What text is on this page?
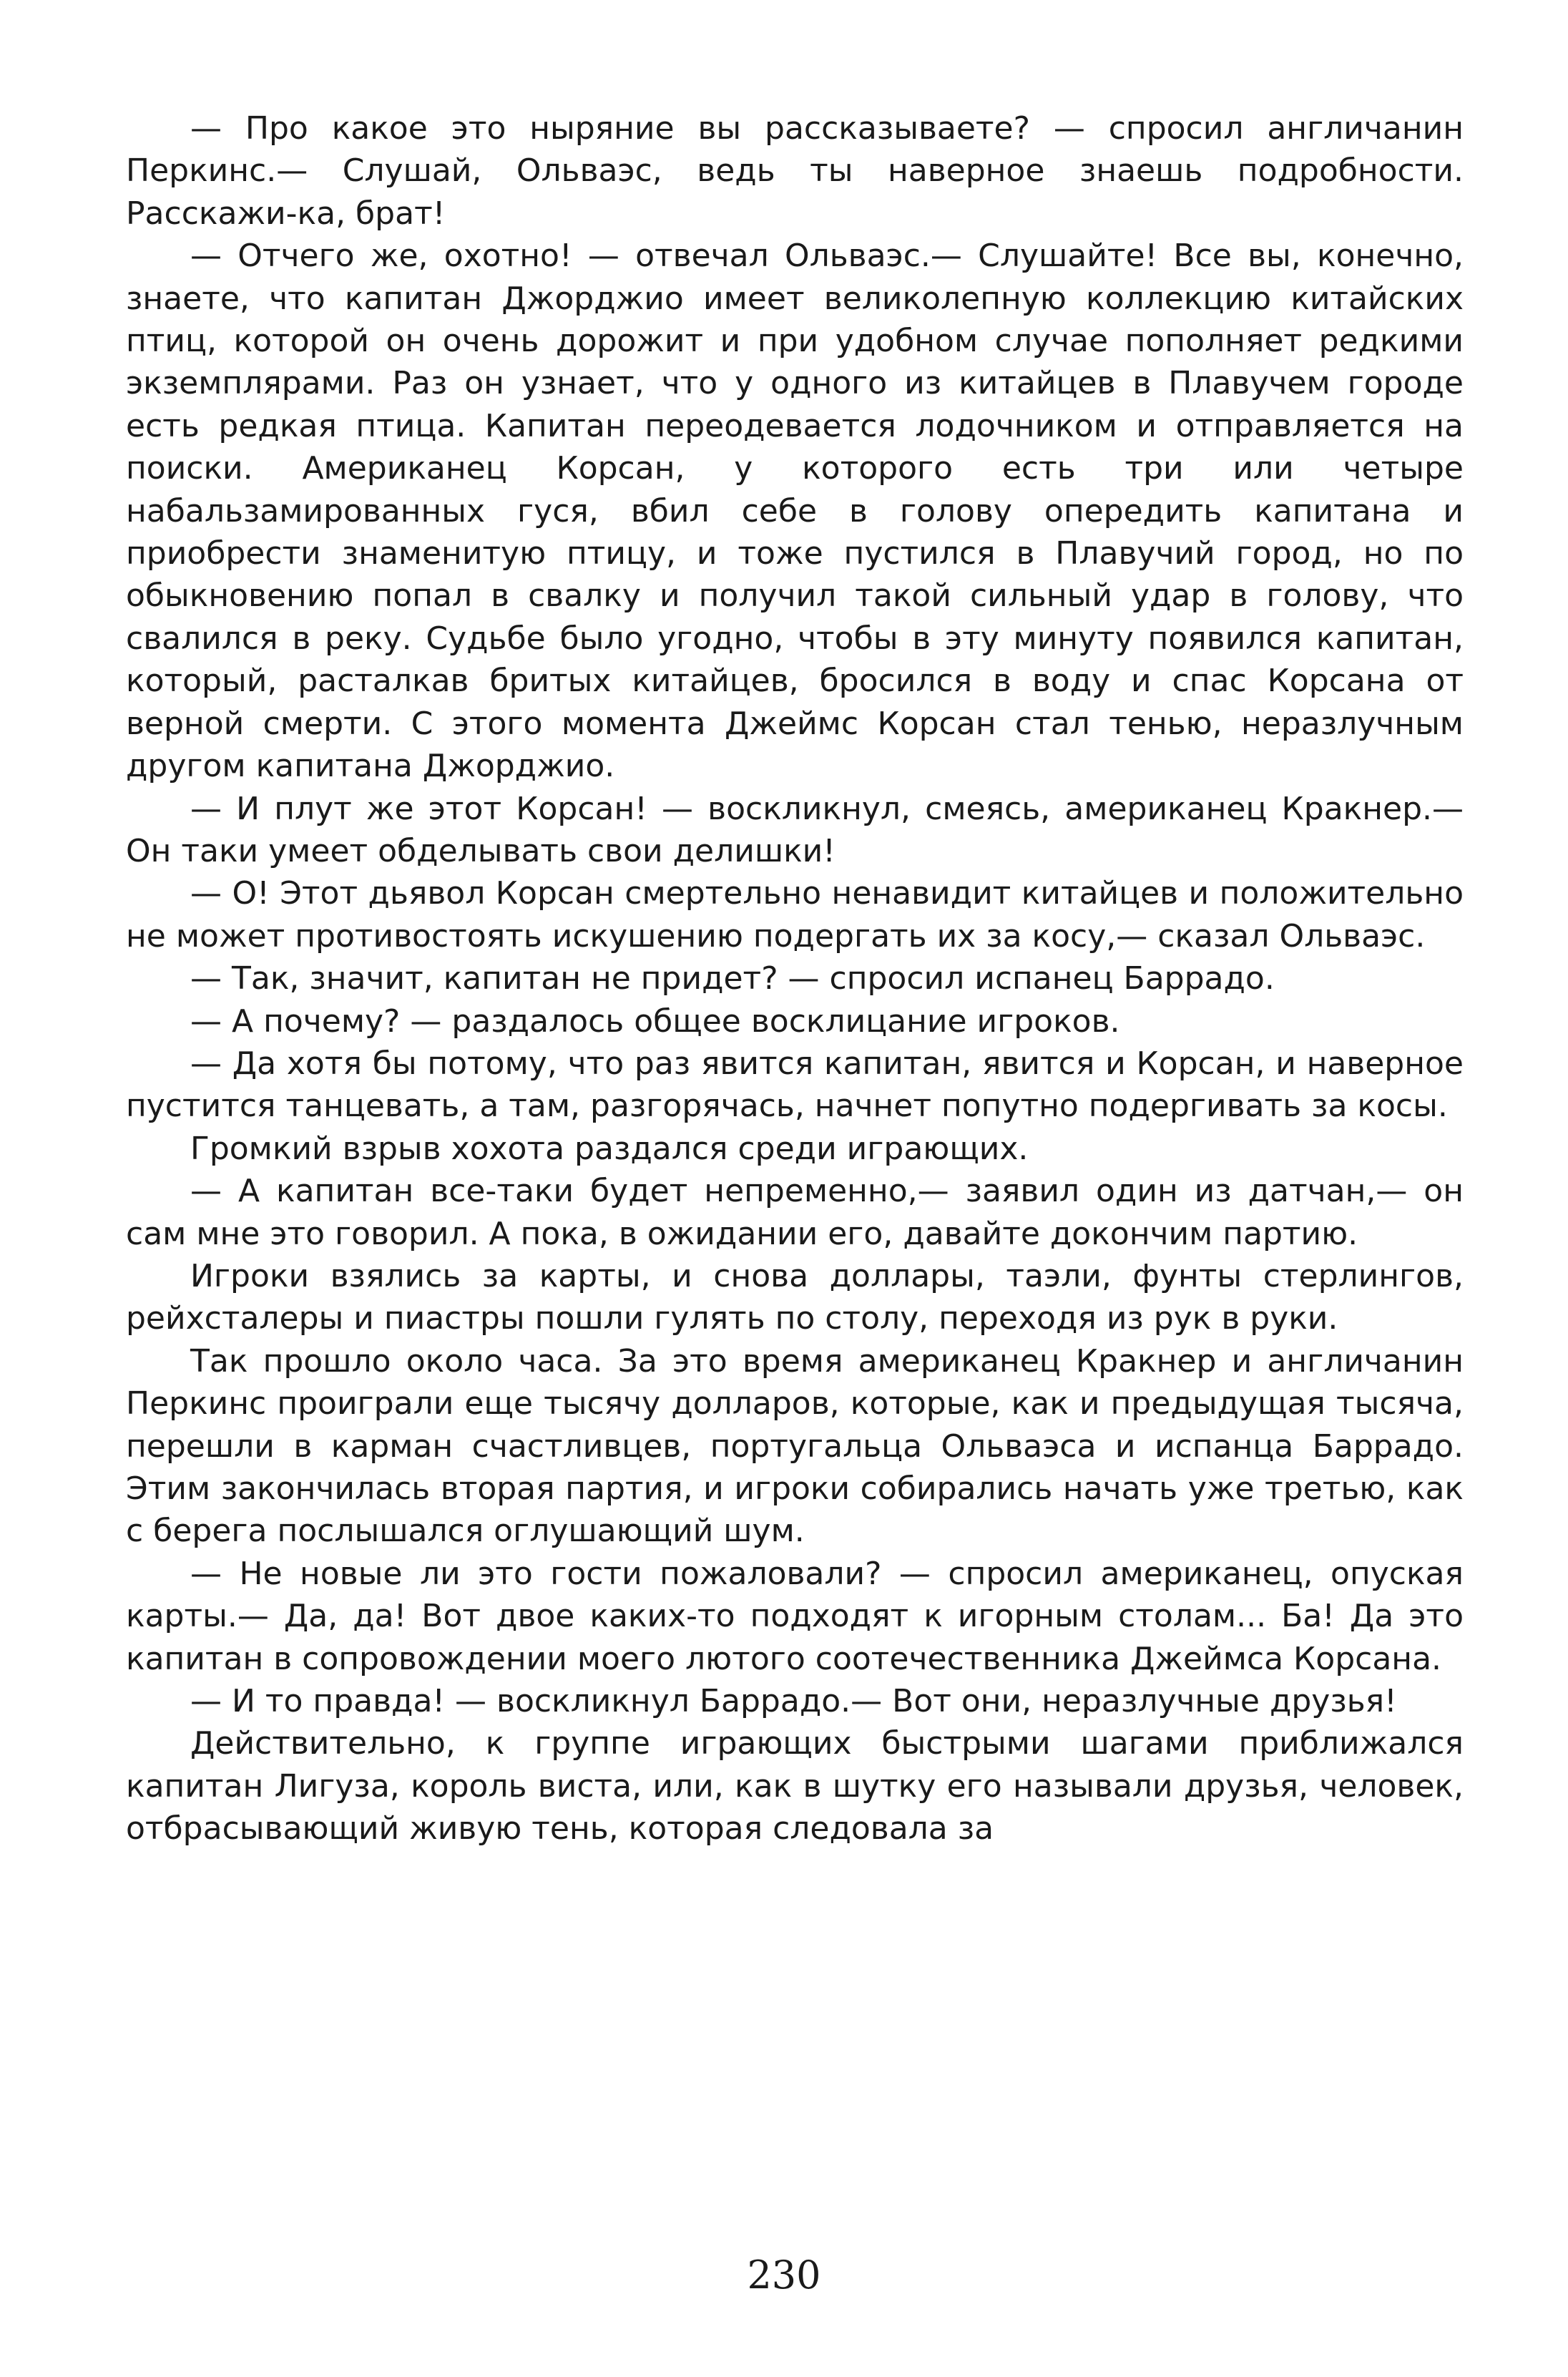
— Про какое это ныряние вы рассказываете? — спросил англичанин Перкинс.— Слушай, Ольваэс, ведь ты наверное знаешь подробности. Расскажи-ка, брат!

— Отчего же, охотно! — отвечал Ольваэс.— Слушайте! Все вы, конечно, знаете, что капитан Джорджио имеет великолепную коллекцию китайских птиц, которой он очень дорожит и при удобном случае пополняет редкими экземплярами. Раз он узнает, что у одного из китайцев в Плавучем городе есть редкая птица. Капитан переодевается лодочником и отправляется на поиски. Американец Корсан, у которого есть три или четыре набальзамированных гуся, вбил себе в голову опередить капитана и приобрести знаменитую птицу, и тоже пустился в Плавучий город, но по обыкновению попал в свалку и получил такой сильный удар в голову, что свалился в реку. Судьбе было угодно, чтобы в эту минуту появился капитан, который, расталкав бритых китайцев, бросился в воду и спас Корсана от верной смерти. С этого момента Джеймс Корсан стал тенью, неразлучным другом капитана Джорджио.

— И плут же этот Корсан! — воскликнул, смеясь, американец Кракнер.— Он таки умеет обделывать свои делишки!

— О! Этот дьявол Корсан смертельно ненавидит китайцев и положительно не может противостоять искушению подергать их за косу,— сказал Ольваэс.

— Так, значит, капитан не придет? — спросил испанец Баррадо.

— А почему? — раздалось общее восклицание игроков.

— Да хотя бы потому, что раз явится капитан, явится и Корсан, и наверное пустится танцевать, а там, разгорячась, начнет попутно подергивать за косы.

Громкий взрыв хохота раздался среди играющих.

— А капитан все-таки будет непременно,— заявил один из датчан,— он сам мне это говорил. А пока, в ожидании его, давайте докончим партию.

Игроки взялись за карты, и снова доллары, таэли, фунты стерлингов, рейхсталеры и пиастры пошли гулять по столу, переходя из рук в руки.

Так прошло около часа. За это время американец Кракнер и англичанин Перкинс проиграли еще тысячу долларов, которые, как и предыдущая тысяча, перешли в карман счастливцев, португальца Ольваэса и испанца Баррадо. Этим закончилась вторая партия, и игроки собирались начать уже третью, как с берега послышался оглушающий шум.

— Не новые ли это гости пожаловали? — спросил американец, опуская карты.— Да, да! Вот двое каких-то подходят к игорным столам... Ба! Да это капитан в сопровождении моего лютого соотечественника Джеймса Корсана.

— И то правда! — воскликнул Баррадо.— Вот они, неразлучные друзья!

Действительно, к группе играющих быстрыми шагами приближался капитан Лигуза, король виста, или, как в шутку его называли друзья, человек, отбрасывающий живую тень, которая следовала за

230
